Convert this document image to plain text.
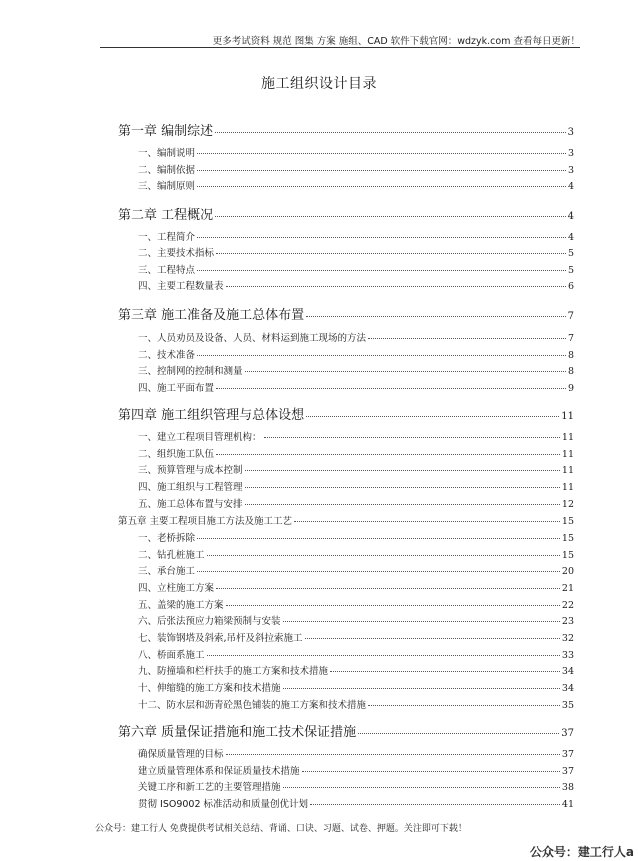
更多考试资料 规范 图集 方案 施组、CAD 软件下载官网：wdzyk.com 查看每日更新！
施工组织设计目录
第一章 编制综述	3
一、编制说明	3
二、编制依据	3
三、编制原则	4
第二章 工程概况	4
一、工程简介	4
二、主要技术指标	5
三、工程特点	5
四、主要工程数量表	6
第三章 施工准备及施工总体布置	7
一、人员劝员及设备、人员、材料运到施工现场的方法	7
二、技术准备	8
三、控制网的控制和测量	8
四、施工平面布置	9
第四章 施工组织管理与总体设想	11
一、建立工程项目管理机构：	11
二、组织施工队伍	11
三、预算管理与成本控制	11
四、施工组织与工程管理	11
五、施工总体布置与安排	12
第五章 主要工程项目施工方法及施工工艺	15
一、老桥拆除	15
二、钻孔桩施工	15
三、承台施工	20
四、立柱施工方案	21
五、盖梁的施工方案	22
六、后张法预应力箱梁预制与安装	23
七、装饰钢塔及斜索,吊杆及斜拉索施工	32
八、桥面系施工	33
九、防撞墙和栏杆扶手的施工方案和技术措施	34
十、伸缩缝的施工方案和技术措施	34
十二、防水层和沥青砼黑色铺装的施工方案和技术措施	35
第六章 质量保证措施和施工技术保证措施	37
确保质量管理的目标	37
建立质量管理体系和保证质量技术措施	37
关键工序和新工艺的主要管理措施	38
贯彻 ISO9002 标准活动和质量创优计划	41
公众号：建工行人 免费提供考试相关总结、背诵、口诀、习题、试卷、押题。关注即可下载！
公众号：建工行人a
